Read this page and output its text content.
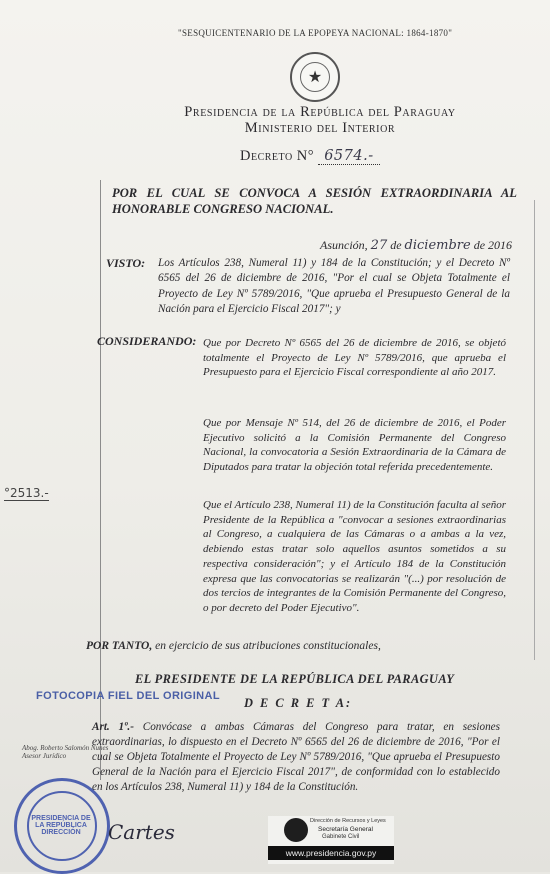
"SESQUICENTENARIO DE LA EPOPEYA NACIONAL: 1864-1870"
★
Presidencia de la República del Paraguay
Ministerio del Interior
Decreto N° 6574.-
POR EL CUAL SE CONVOCA A SESIÓN EXTRAORDINARIA AL HONORABLE CONGRESO NACIONAL.
Asunción, 27 de diciembre de 2016
VISTO: Los Artículos 238, Numeral 11) y 184 de la Constitución; y el Decreto Nº 6565 del 26 de diciembre de 2016, "Por el cual se Objeta Totalmente el Proyecto de Ley Nº 5789/2016, "Que aprueba el Presupuesto General de la Nación para el Ejercicio Fiscal 2017"; y
CONSIDERANDO: Que por Decreto Nº 6565 del 26 de diciembre de 2016, se objetó totalmente el Proyecto de Ley Nº 5789/2016, que aprueba el Presupuesto para el Ejercicio Fiscal correspondiente al año 2017.
Que por Mensaje Nº 514, del 26 de diciembre de 2016, el Poder Ejecutivo solicitó a la Comisión Permanente del Congreso Nacional, la convocatoria a Sesión Extraordinaria de la Cámara de Diputados para tratar la objeción total referida precedentemente.
Que el Artículo 238, Numeral 11) de la Constitución faculta al señor Presidente de la República a "convocar a sesiones extraordinarias al Congreso, a cualquiera de las Cámaras o a ambas a la vez, debiendo estas tratar solo aquellos asuntos sometidos a su respectiva consideración"; y el Artículo 184 de la Constitución expresa que las convocatorias se realizarán "(...) por resolución de dos tercios de integrantes de la Comisión Permanente del Congreso, o por decreto del Poder Ejecutivo".
°2513.-
POR TANTO, en ejercicio de sus atribuciones constitucionales,
EL PRESIDENTE DE LA REPÚBLICA DEL PARAGUAY
FOTOCOPIA FIEL DEL ORIGINAL D E C R E T A:
Art. 1º.- Convócase a ambas Cámaras del Congreso para tratar, en sesiones extraordinarias, lo dispuesto en el Decreto Nº 6565 del 26 de diciembre de 2016, "Por el cual se Objeta Totalmente el Proyecto de Ley Nº 5789/2016, "Que aprueba el Presupuesto General de la Nación para el Ejercicio Fiscal 2017", de conformidad con lo establecido en los Artículos 238, Numeral 11) y 184 de la Constitución.
Abog. Roberto Salomón Nunes
Asesor Jurídico
PRESIDENCIA DE LA REPÚBLICA DIRECCIÓN	Cartes	Dirección de Recursos y Leyes
Secretaría General
Gabinete Civil
www.presidencia.gov.py
